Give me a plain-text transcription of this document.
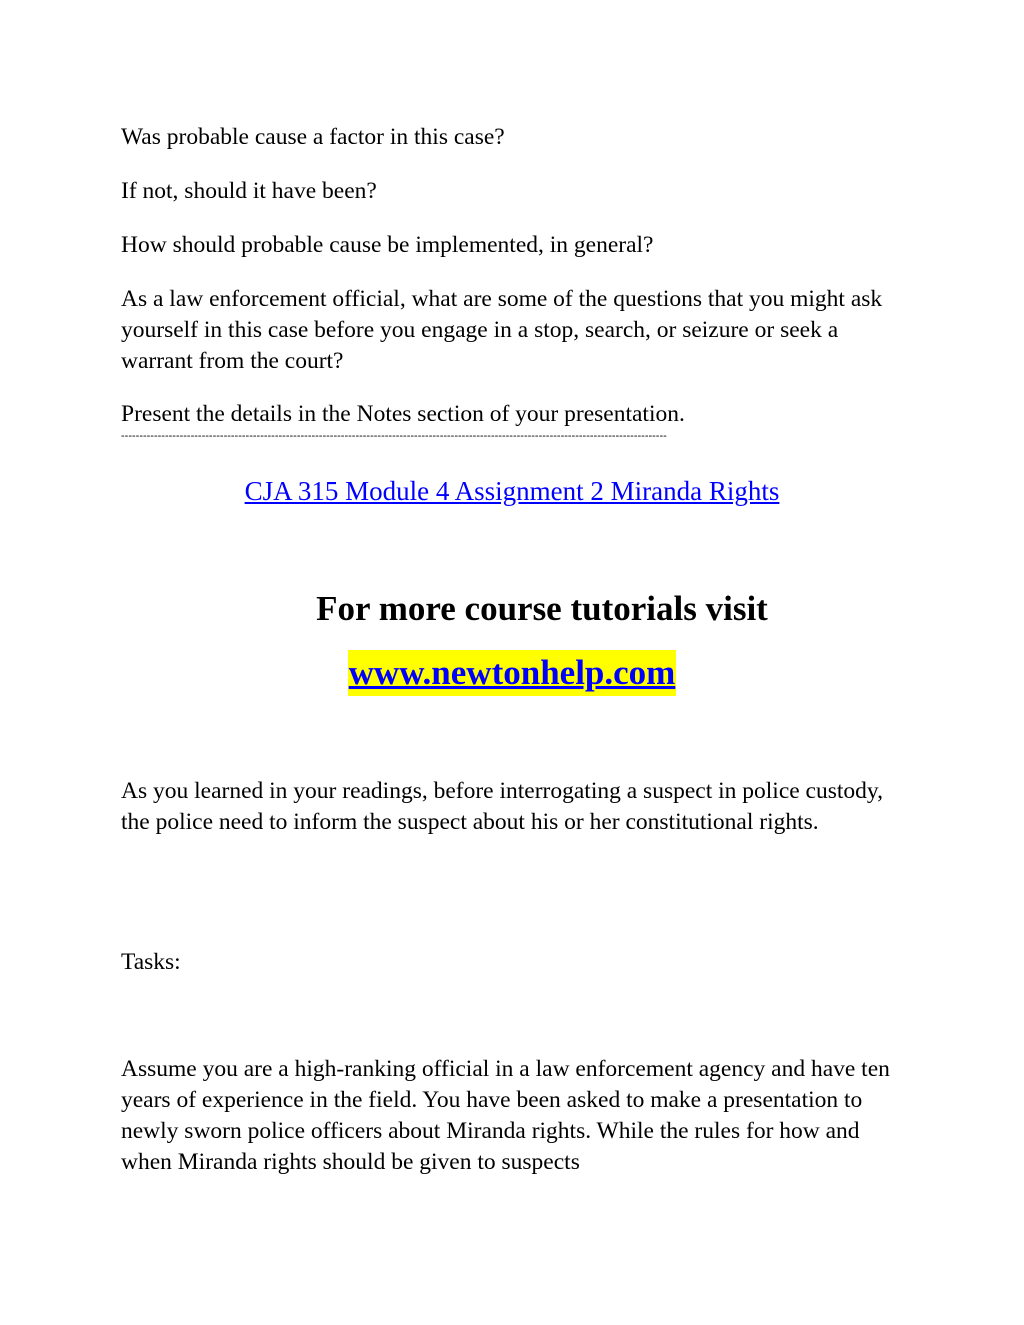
Was probable cause a factor in this case?

If not, should it have been?

How should probable cause be implemented, in general?

As a law enforcement official, what are some of the questions that you might ask yourself in this case before you engage in a stop, search, or seizure or seek a warrant from the court?

Present the details in the Notes section of your presentation.

-----------------------------------------------------------------------------------------------------------------------------------------------------
CJA 315 Module 4 Assignment 2 Miranda Rights
For more course tutorials visit
www.newtonhelp.com

As you learned in your readings, before interrogating a suspect in police custody, the police need to inform the suspect about his or her constitutional rights.

Tasks:

Assume you are a high-ranking official in a law enforcement agency and have ten years of experience in the field. You have been asked to make a presentation to newly sworn police officers about Miranda rights. While the rules for how and when Miranda rights should be given to suspects
